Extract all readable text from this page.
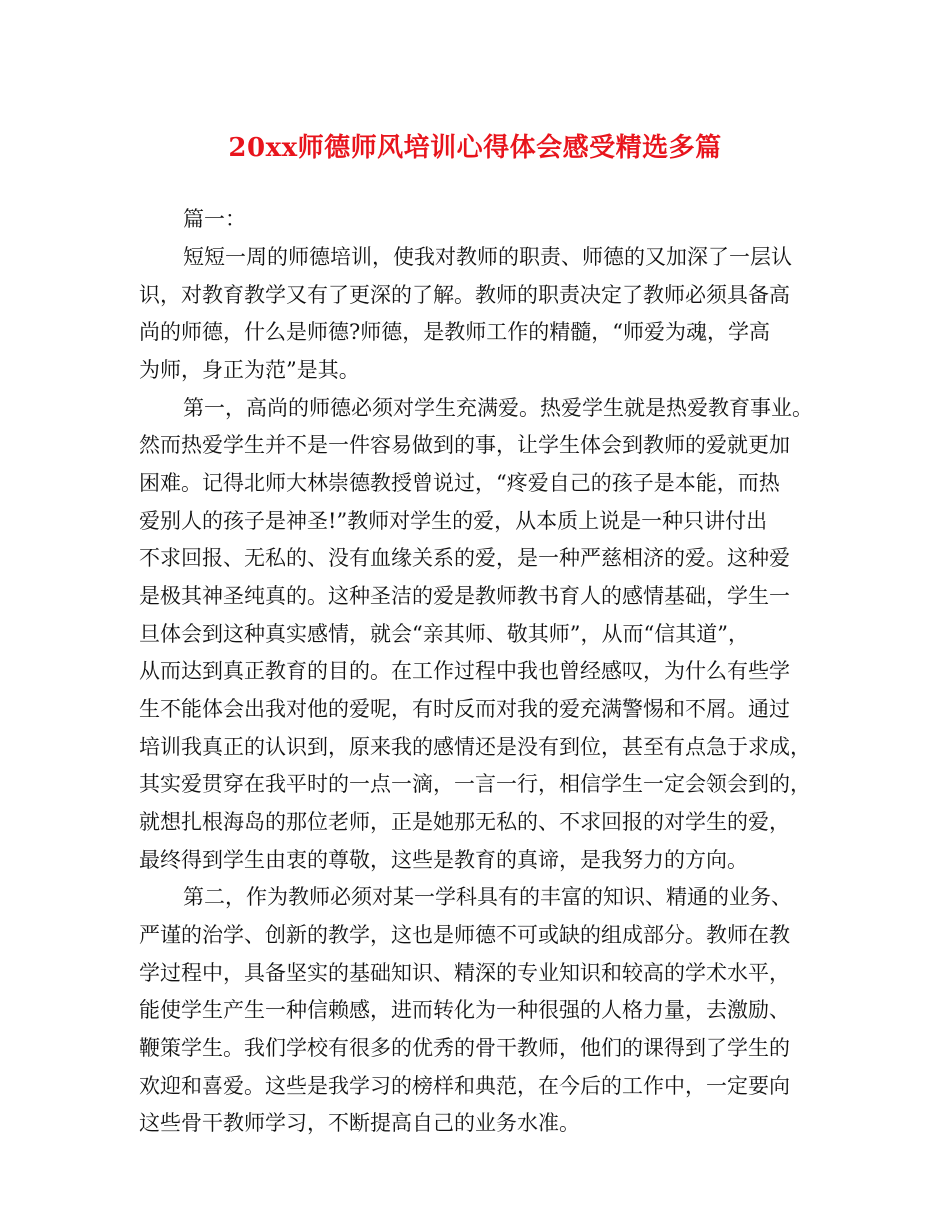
20xx师德师风培训心得体会感受精选多篇
篇一：
短短一周的师德培训，使我对教师的职责、师德的又加深了一层认
识，对教育教学又有了更深的了解。教师的职责决定了教师必须具备高
尚的师德，什么是师德?师德，是教师工作的精髓，“师爱为魂，学高
为师，身正为范”是其。
第一，高尚的师德必须对学生充满爱。热爱学生就是热爱教育事业。
然而热爱学生并不是一件容易做到的事，让学生体会到教师的爱就更加
困难。记得北师大林崇德教授曾说过，“疼爱自己的孩子是本能，而热
爱别人的孩子是神圣!”教师对学生的爱，从本质上说是一种只讲付出
不求回报、无私的、没有血缘关系的爱，是一种严慈相济的爱。这种爱
是极其神圣纯真的。这种圣洁的爱是教师教书育人的感情基础，学生一
旦体会到这种真实感情，就会“亲其师、敬其师”，从而“信其道”，
从而达到真正教育的目的。在工作过程中我也曾经感叹，为什么有些学
生不能体会出我对他的爱呢，有时反而对我的爱充满警惕和不屑。通过
培训我真正的认识到，原来我的感情还是没有到位，甚至有点急于求成，
其实爱贯穿在我平时的一点一滴，一言一行，相信学生一定会领会到的，
就想扎根海岛的那位老师，正是她那无私的、不求回报的对学生的爱，
最终得到学生由衷的尊敬，这些是教育的真谛，是我努力的方向。
第二，作为教师必须对某一学科具有的丰富的知识、精通的业务、
严谨的治学、创新的教学，这也是师德不可或缺的组成部分。教师在教
学过程中，具备坚实的基础知识、精深的专业知识和较高的学术水平，
能使学生产生一种信赖感，进而转化为一种很强的人格力量，去激励、
鞭策学生。我们学校有很多的优秀的骨干教师，他们的课得到了学生的
欢迎和喜爱。这些是我学习的榜样和典范，在今后的工作中，一定要向
这些骨干教师学习，不断提高自己的业务水准。
